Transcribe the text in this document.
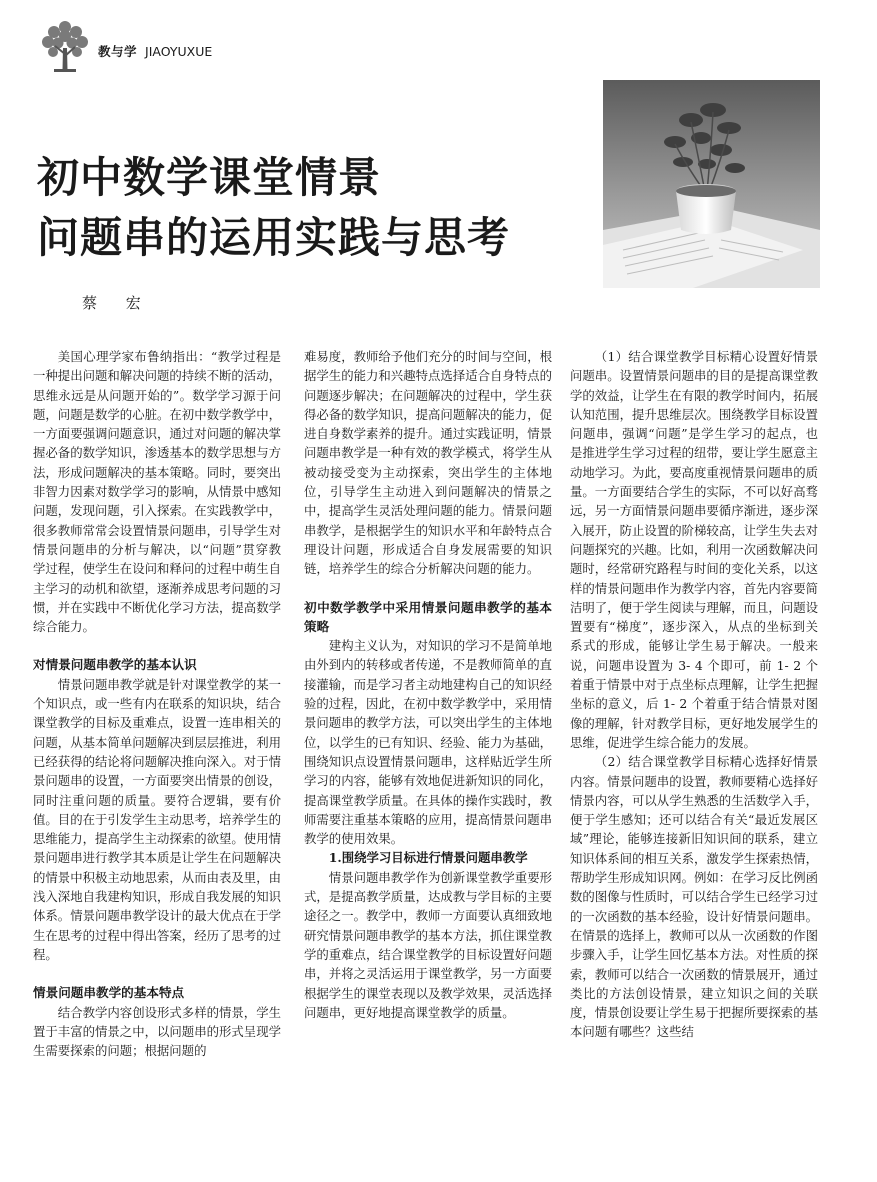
教与学 JIAOYUXUE
初中数学课堂情景
问题串的运用实践与思考
蔡 宏

美国心理学家布鲁纳指出：“教学过程是一种提出问题和解决问题的持续不断的活动，思维永远是从问题开始的”。数学学习源于问题，问题是数学的心脏。在初中数学教学中，一方面要强调问题意识，通过对问题的解决掌握必备的数学知识，渗透基本的数学思想与方法，形成问题解决的基本策略。同时，要突出非智力因素对数学学习的影响，从情景中感知问题，发现问题，引入探索。在实践教学中，很多教师常常会设置情景问题串，引导学生对情景问题串的分析与解决，以“问题”贯穿教学过程，使学生在设问和释问的过程中萌生自主学习的动机和欲望，逐渐养成思考问题的习惯，并在实践中不断优化学习方法，提高数学综合能力。

对情景问题串教学的基本认识

情景问题串教学就是针对课堂教学的某一个知识点，或一些有内在联系的知识块，结合课堂教学的目标及重难点，设置一连串相关的问题，从基本简单问题解决到层层推进，利用已经获得的结论将问题解决推向深入。对于情景问题串的设置，一方面要突出情景的创设，同时注重问题的质量。要符合逻辑，要有价值。目的在于引发学生主动思考，培养学生的思维能力，提高学生主动探索的欲望。使用情景问题串进行教学其本质是让学生在问题解决的情景中积极主动地思索，从而由表及里，由浅入深地自我建构知识，形成自我发展的知识体系。情景问题串教学设计的最大优点在于学生在思考的过程中得出答案，经历了思考的过程。

情景问题串教学的基本特点

结合教学内容创设形式多样的情景，学生置于丰富的情景之中，以问题串的形式呈现学生需要探索的问题；根据问题的

难易度，教师给予他们充分的时间与空间，根据学生的能力和兴趣特点选择适合自身特点的问题逐步解决；在问题解决的过程中，学生获得必备的数学知识，提高问题解决的能力，促进自身数学素养的提升。通过实践证明，情景问题串教学是一种有效的教学模式，将学生从被动接受变为主动探索，突出学生的主体地位，引导学生主动进入到问题解决的情景之中，提高学生灵活处理问题的能力。情景问题串教学，是根据学生的知识水平和年龄特点合理设计问题，形成适合自身发展需要的知识链，培养学生的综合分析解决问题的能力。

初中数学教学中采用情景问题串教学的基本策略

建构主义认为，对知识的学习不是简单地由外到内的转移或者传递，不是教师简单的直接灌输，而是学习者主动地建构自己的知识经验的过程，因此，在初中数学教学中，采用情景问题串的教学方法，可以突出学生的主体地位，以学生的已有知识、经验、能力为基础，围绕知识点设置情景问题串，这样贴近学生所学习的内容，能够有效地促进新知识的同化，提高课堂教学质量。在具体的操作实践时，教师需要注重基本策略的应用，提高情景问题串教学的使用效果。

1.围绕学习目标进行情景问题串教学

情景问题串教学作为创新课堂教学重要形式，是提高教学质量，达成教与学目标的主要途径之一。教学中，教师一方面要认真细致地研究情景问题串教学的基本方法，抓住课堂教学的重难点，结合课堂教学的目标设置好问题串，并将之灵活运用于课堂教学，另一方面要根据学生的课堂表现以及教学效果，灵活选择问题串，更好地提高课堂教学的质量。

（1）结合课堂教学目标精心设置好情景问题串。设置情景问题串的目的是提高课堂教学的效益，让学生在有限的教学时间内，拓展认知范围，提升思维层次。围绕教学目标设置问题串，强调“问题”是学生学习的起点，也是推进学生学习过程的纽带，要让学生愿意主动地学习。为此，要高度重视情景问题串的质量。一方面要结合学生的实际，不可以好高骛远，另一方面情景问题串要循序渐进，逐步深入展开，防止设置的阶梯较高，让学生失去对问题探究的兴趣。比如，利用一次函数解决问题时，经常研究路程与时间的变化关系，以这样的情景问题串作为教学内容，首先内容要简洁明了，便于学生阅读与理解，而且，问题设置要有“梯度”，逐步深入，从点的坐标到关系式的形成，能够让学生易于解决。一般来说，问题串设置为 3- 4 个即可，前 1- 2 个着重于情景中对于点坐标点理解，让学生把握坐标的意义，后 1- 2 个着重于结合情景对图像的理解，针对教学目标，更好地发展学生的思维，促进学生综合能力的发展。

（2）结合课堂教学目标精心选择好情景内容。情景问题串的设置，教师要精心选择好情景内容，可以从学生熟悉的生活数学入手，便于学生感知；还可以结合有关“最近发展区域”理论，能够连接新旧知识间的联系，建立知识体系间的相互关系，激发学生探索热情，帮助学生形成知识网。例如：在学习反比例函数的图像与性质时，可以结合学生已经学习过的一次函数的基本经验，设计好情景问题串。在情景的选择上，教师可以从一次函数的作图步骤入手，让学生回忆基本方法。对性质的探索，教师可以结合一次函数的情景展开，通过类比的方法创设情景，建立知识之间的关联度，情景创设要让学生易于把握所要探索的基本问题有哪些？这些结
